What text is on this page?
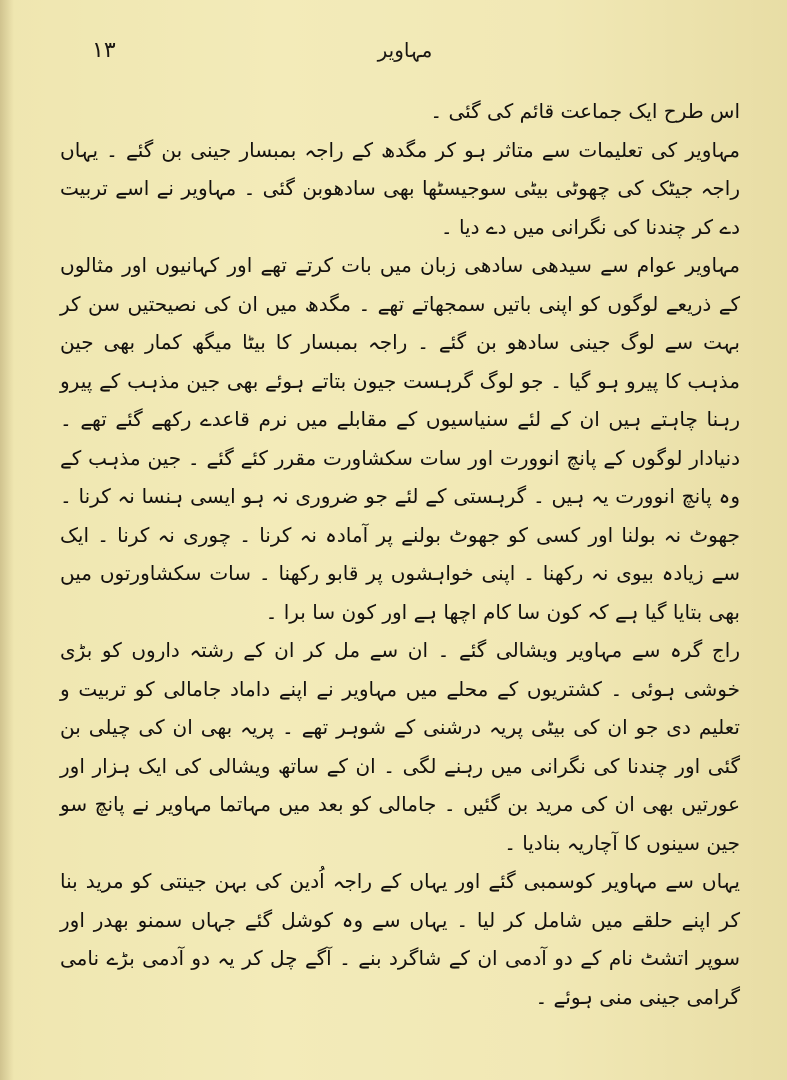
١٣	مہاویر

اس طرح ایک جماعت قائم کی گئی ۔

مہاویر کی تعلیمات سے متاثر ہو کر مگدھ کے راجہ بمبسار جینی بن گئے ۔ یہاں راجہ جیٹک کی چھوٹی بیٹی سوجیسٹھا بھی سادھوبن گئی ۔ مہاویر نے اسے تربیت دے کر چندنا کی نگرانی میں دے دیا ۔

مہاویر عوام سے سیدھی سادھی زبان میں بات کرتے تھے اور کہانیوں اور مثالوں کے ذریعے لوگوں کو اپنی باتیں سمجھاتے تھے ۔ مگدھ میں ان کی نصیحتیں سن کر بہت سے لوگ جینی سادھو بن گئے ۔ راجہ بمبسار کا بیٹا میگھ کمار بھی جین مذہب کا پیرو ہو گیا ۔ جو لوگ گرہست جیون بتاتے ہوئے بھی جین مذہب کے پیرو رہنا چاہتے ہیں ان کے لئے سنیاسیوں کے مقابلے میں نرم قاعدے رکھے گئے تھے ۔ دنیادار لوگوں کے پانچ انوورت اور سات سکشاورت مقرر کئے گئے ۔ جین مذہب کے وہ پانچ انوورت یہ ہیں ۔ گرہستی کے لئے جو ضروری نہ ہو ایسی ہنسا نہ کرنا ۔ جھوٹ نہ بولنا اور کسی کو جھوٹ بولنے پر آمادہ نہ کرنا ۔ چوری نہ کرنا ۔ ایک سے زیادہ بیوی نہ رکھنا ۔ اپنی خواہشوں پر قابو رکھنا ۔ سات سکشاورتوں میں بھی بتایا گیا ہے کہ کون سا کام اچھا ہے اور کون سا برا ۔

راج گرہ سے مہاویر ویشالی گئے ۔ ان سے مل کر ان کے رشتہ داروں کو بڑی خوشی ہوئی ۔ کشتریوں کے محلے میں مہاویر نے اپنے داماد جامالی کو تربیت و تعلیم دی جو ان کی بیٹی پریہ درشنی کے شوہر تھے ۔ پریہ بھی ان کی چیلی بن گئی اور چندنا کی نگرانی میں رہنے لگی ۔ ان کے ساتھ ویشالی کی ایک ہزار اور عورتیں بھی ان کی مرید بن گئیں ۔ جامالی کو بعد میں مہاتما مہاویر نے پانچ سو جین سینوں کا آچاریہ بنادیا ۔

یہاں سے مہاویر کوسمبی گئے اور یہاں کے راجہ اُدین کی بہن جینتی کو مرید بنا کر اپنے حلقے میں شامل کر لیا ۔ یہاں سے وہ کوشل گئے جہاں سمنو بھدر اور سوپر اتشٹ نام کے دو آدمی ان کے شاگرد بنے ۔ آگے چل کر یہ دو آدمی بڑے نامی گرامی جینی منی ہوئے ۔
